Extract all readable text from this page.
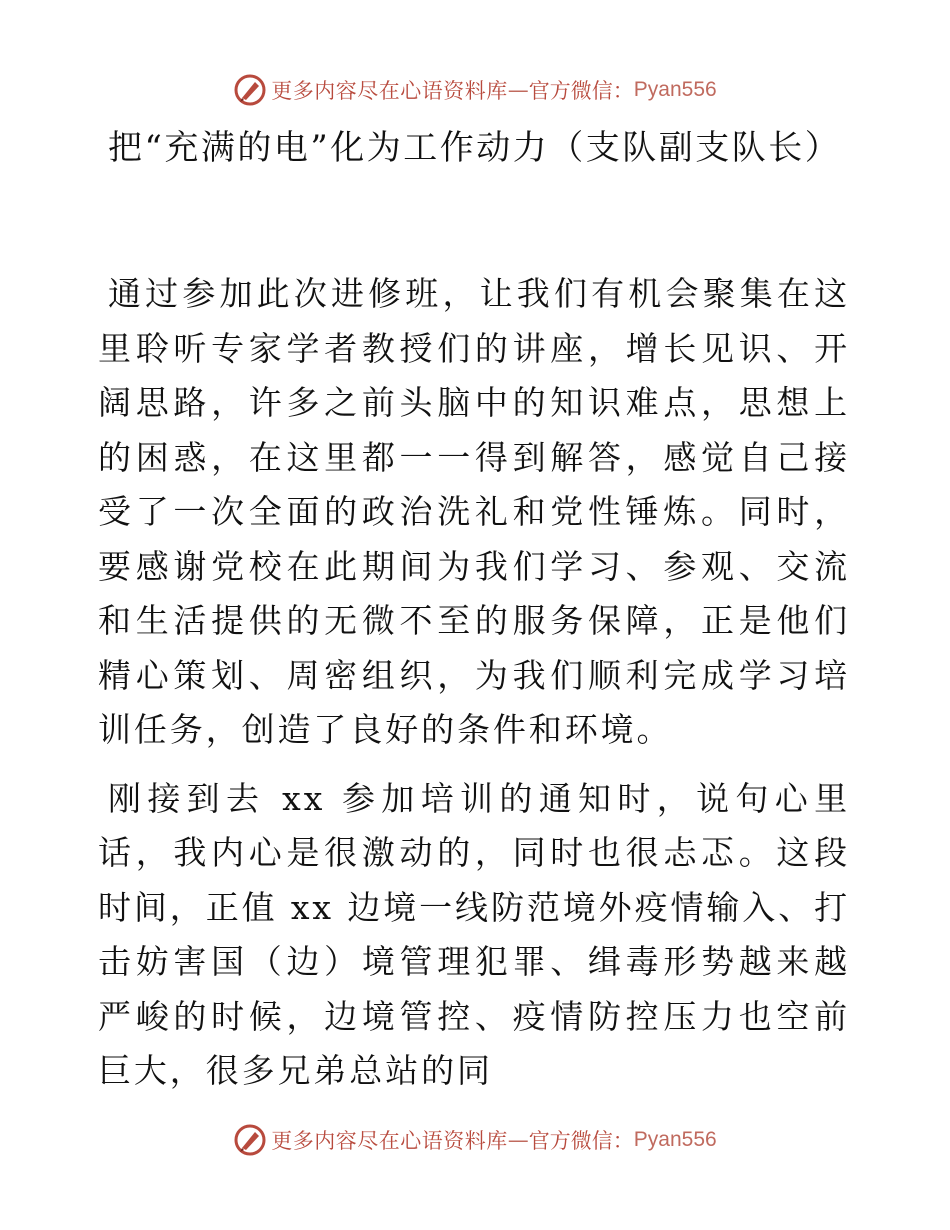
更多内容尽在心语资料库 — 官方微信： Pyan556
把“充满的电”化为工作动力（支队副支队长）

通过参加此次进修班，让我们有机会聚集在这里聆听专家学者教授们的讲座，增长见识、开阔思路，许多之前头脑中的知识难点，思想上的困惑，在这里都一一得到解答，感觉自己接受了一次全面的政治洗礼和党性锤炼。同时，要感谢党校在此期间为我们学习、参观、交流和生活提供的无微不至的服务保障，正是他们精心策划、周密组织，为我们顺利完成学习培训任务，创造了良好的条件和环境。

刚接到去 xx 参加培训的通知时，说句心里话，我内心是很激动的，同时也很忐忑。这段时间，正值 xx 边境一线防范境外疫情输入、打击妨害国（边）境管理犯罪、缉毒形势越来越严峻的时候，边境管控、疫情防控压力也空前巨大，很多兄弟总站的同

更多内容尽在心语资料库 — 官方微信： Pyan556
